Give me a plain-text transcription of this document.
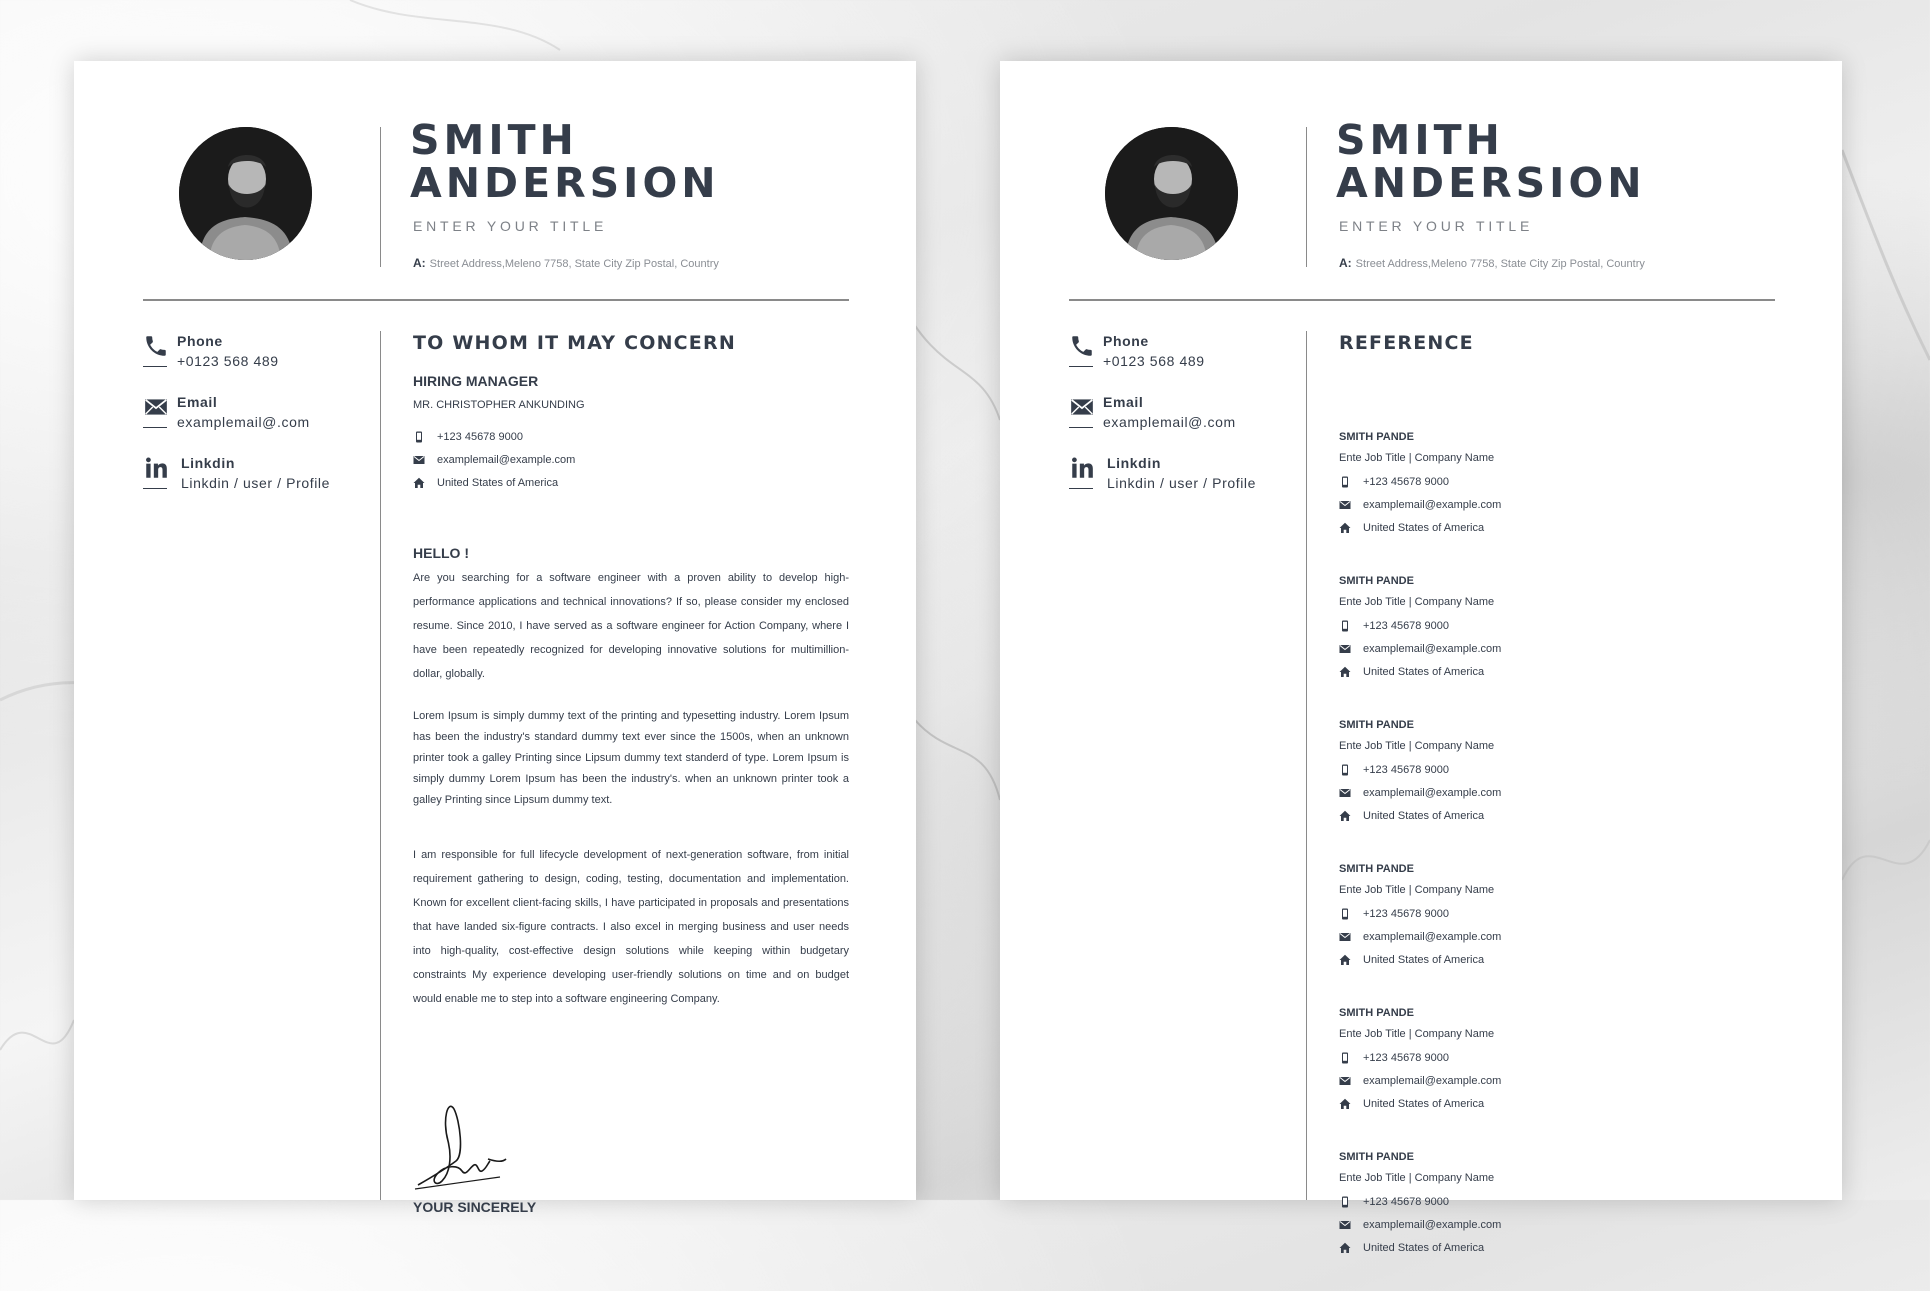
SMITH
ANDERSION
ENTER YOUR TITLE
A: Street Address,Meleno 7758, State City Zip Postal, Country
Phone
+0123 568 489
Email
examplemail@.com
Linkdin
Linkdin / user / Profile
TO WHOM IT MAY CONCERN
HIRING MANAGER
MR. CHRISTOPHER ANKUNDING
+123 45678 9000
examplemail@example.com
United States of America
HELLO !

Are you searching for a software engineer with a proven ability to develop high-performance applications and technical innovations? If so, please consider my enclosed resume. Since 2010, I have served as a software engineer for Action Company, where I have been repeatedly recognized for developing innovative solutions for multimillion-dollar, globally.

Lorem Ipsum is simply dummy text of the printing and typesetting industry. Lorem Ipsum has been the industry's standard dummy text ever since the 1500s, when an unknown printer took a galley Printing since Lipsum dummy text standerd of type. Lorem Ipsum is simply dummy Lorem Ipsum has been the industry's. when an unknown printer took a galley Printing since Lipsum dummy text.

I am responsible for full lifecycle development of next-generation software, from initial requirement gathering to design, coding, testing, documentation and implementation. Known for excellent client-facing skills, I have participated in proposals and presentations that have landed six-figure contracts. I also excel in merging business and user needs into high-quality, cost-effective design solutions while keeping within budgetary constraints My experience developing user-friendly solutions on time and on budget would enable me to step into a software engineering Company.

YOUR SINCERELY
SMITH
ANDERSION
ENTER YOUR TITLE
A: Street Address,Meleno 7758, State City Zip Postal, Country
Phone
+0123 568 489
Email
examplemail@.com
Linkdin
Linkdin / user / Profile
REFERENCE
SMITH PANDE
Ente Job Title | Company Name
+123 45678 9000
examplemail@example.com
United States of America
SMITH PANDE
Ente Job Title | Company Name
+123 45678 9000
examplemail@example.com
United States of America
SMITH PANDE
Ente Job Title | Company Name
+123 45678 9000
examplemail@example.com
United States of America
SMITH PANDE
Ente Job Title | Company Name
+123 45678 9000
examplemail@example.com
United States of America
SMITH PANDE
Ente Job Title | Company Name
+123 45678 9000
examplemail@example.com
United States of America
SMITH PANDE
Ente Job Title | Company Name
+123 45678 9000
examplemail@example.com
United States of America
